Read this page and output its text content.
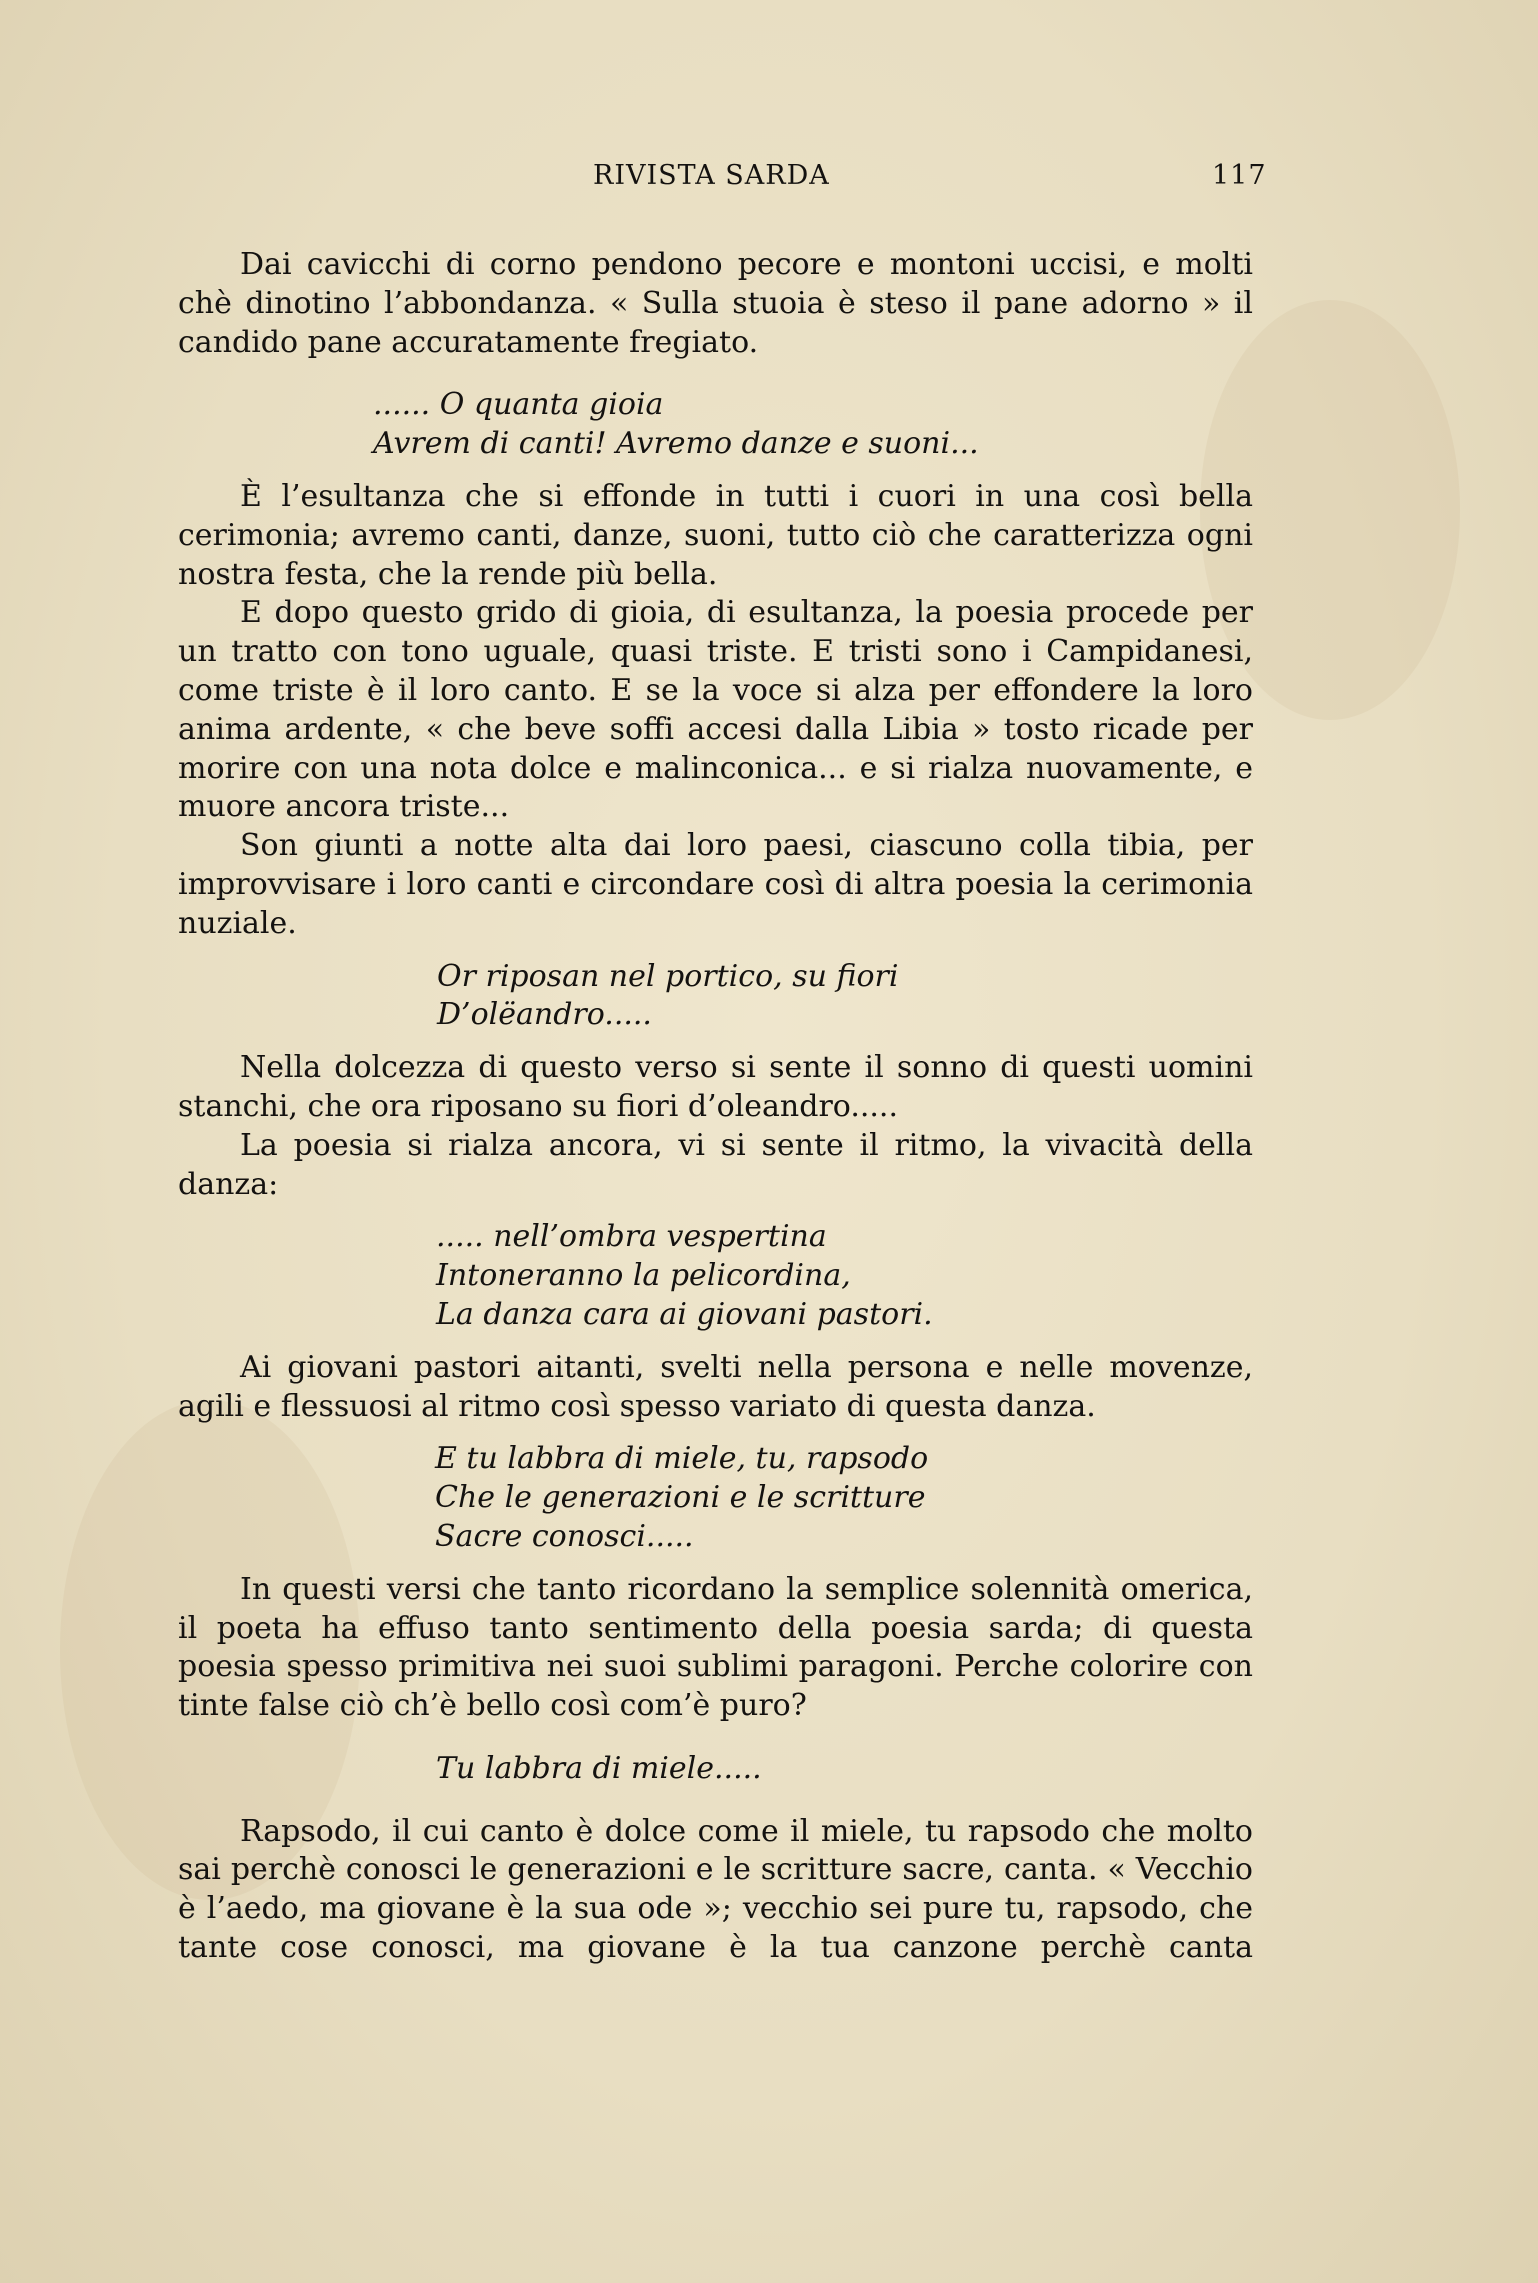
RIVISTA SARDA	117

Dai cavicchi di corno pendono pecore e montoni uccisi, e molti chè dinotino l’abbondanza. « Sulla stuoia è steso il pane adorno » il candido pane accuratamente fregiato.

...... O quanta gioia
Avrem di canti! Avremo danze e suoni...

È l’esultanza che si effonde in tutti i cuori in una così bella cerimonia; avremo canti, danze, suoni, tutto ciò che caratterizza ogni nostra festa, che la rende più bella.

E dopo questo grido di gioia, di esultanza, la poesia procede per un tratto con tono uguale, quasi triste. E tristi sono i Campidanesi, come triste è il loro canto. E se la voce si alza per effondere la loro anima ardente, « che beve soffi accesi dalla Libia » tosto ricade per morire con una nota dolce e malinconica... e si rialza nuovamente, e muore ancora triste...

Son giunti a notte alta dai loro paesi, ciascuno colla tibia, per improvvisare i loro canti e circondare così di altra poesia la cerimonia nuziale.

Or riposan nel portico, su fiori
D’olëandro.....

Nella dolcezza di questo verso si sente il sonno di questi uomini stanchi, che ora riposano su fiori d’oleandro.....

La poesia si rialza ancora, vi si sente il ritmo, la vivacità della danza:

..... nell’ombra vespertina
Intoneranno la pelicordina,
La danza cara ai giovani pastori.

Ai giovani pastori aitanti, svelti nella persona e nelle movenze, agili e flessuosi al ritmo così spesso variato di questa danza.

E tu labbra di miele, tu, rapsodo
Che le generazioni e le scritture
Sacre conosci.....

In questi versi che tanto ricordano la semplice solennità omerica, il poeta ha effuso tanto sentimento della poesia sarda; di questa poesia spesso primitiva nei suoi sublimi paragoni. Perche colorire con tinte false ciò ch’è bello così com’è puro?

Tu labbra di miele.....

Rapsodo, il cui canto è dolce come il miele, tu rapsodo che molto sai perchè conosci le generazioni e le scritture sacre, canta. « Vecchio è l’aedo, ma giovane è la sua ode »; vecchio sei pure tu, rapsodo, che tante cose conosci, ma giovane è la tua canzone perchè canta
